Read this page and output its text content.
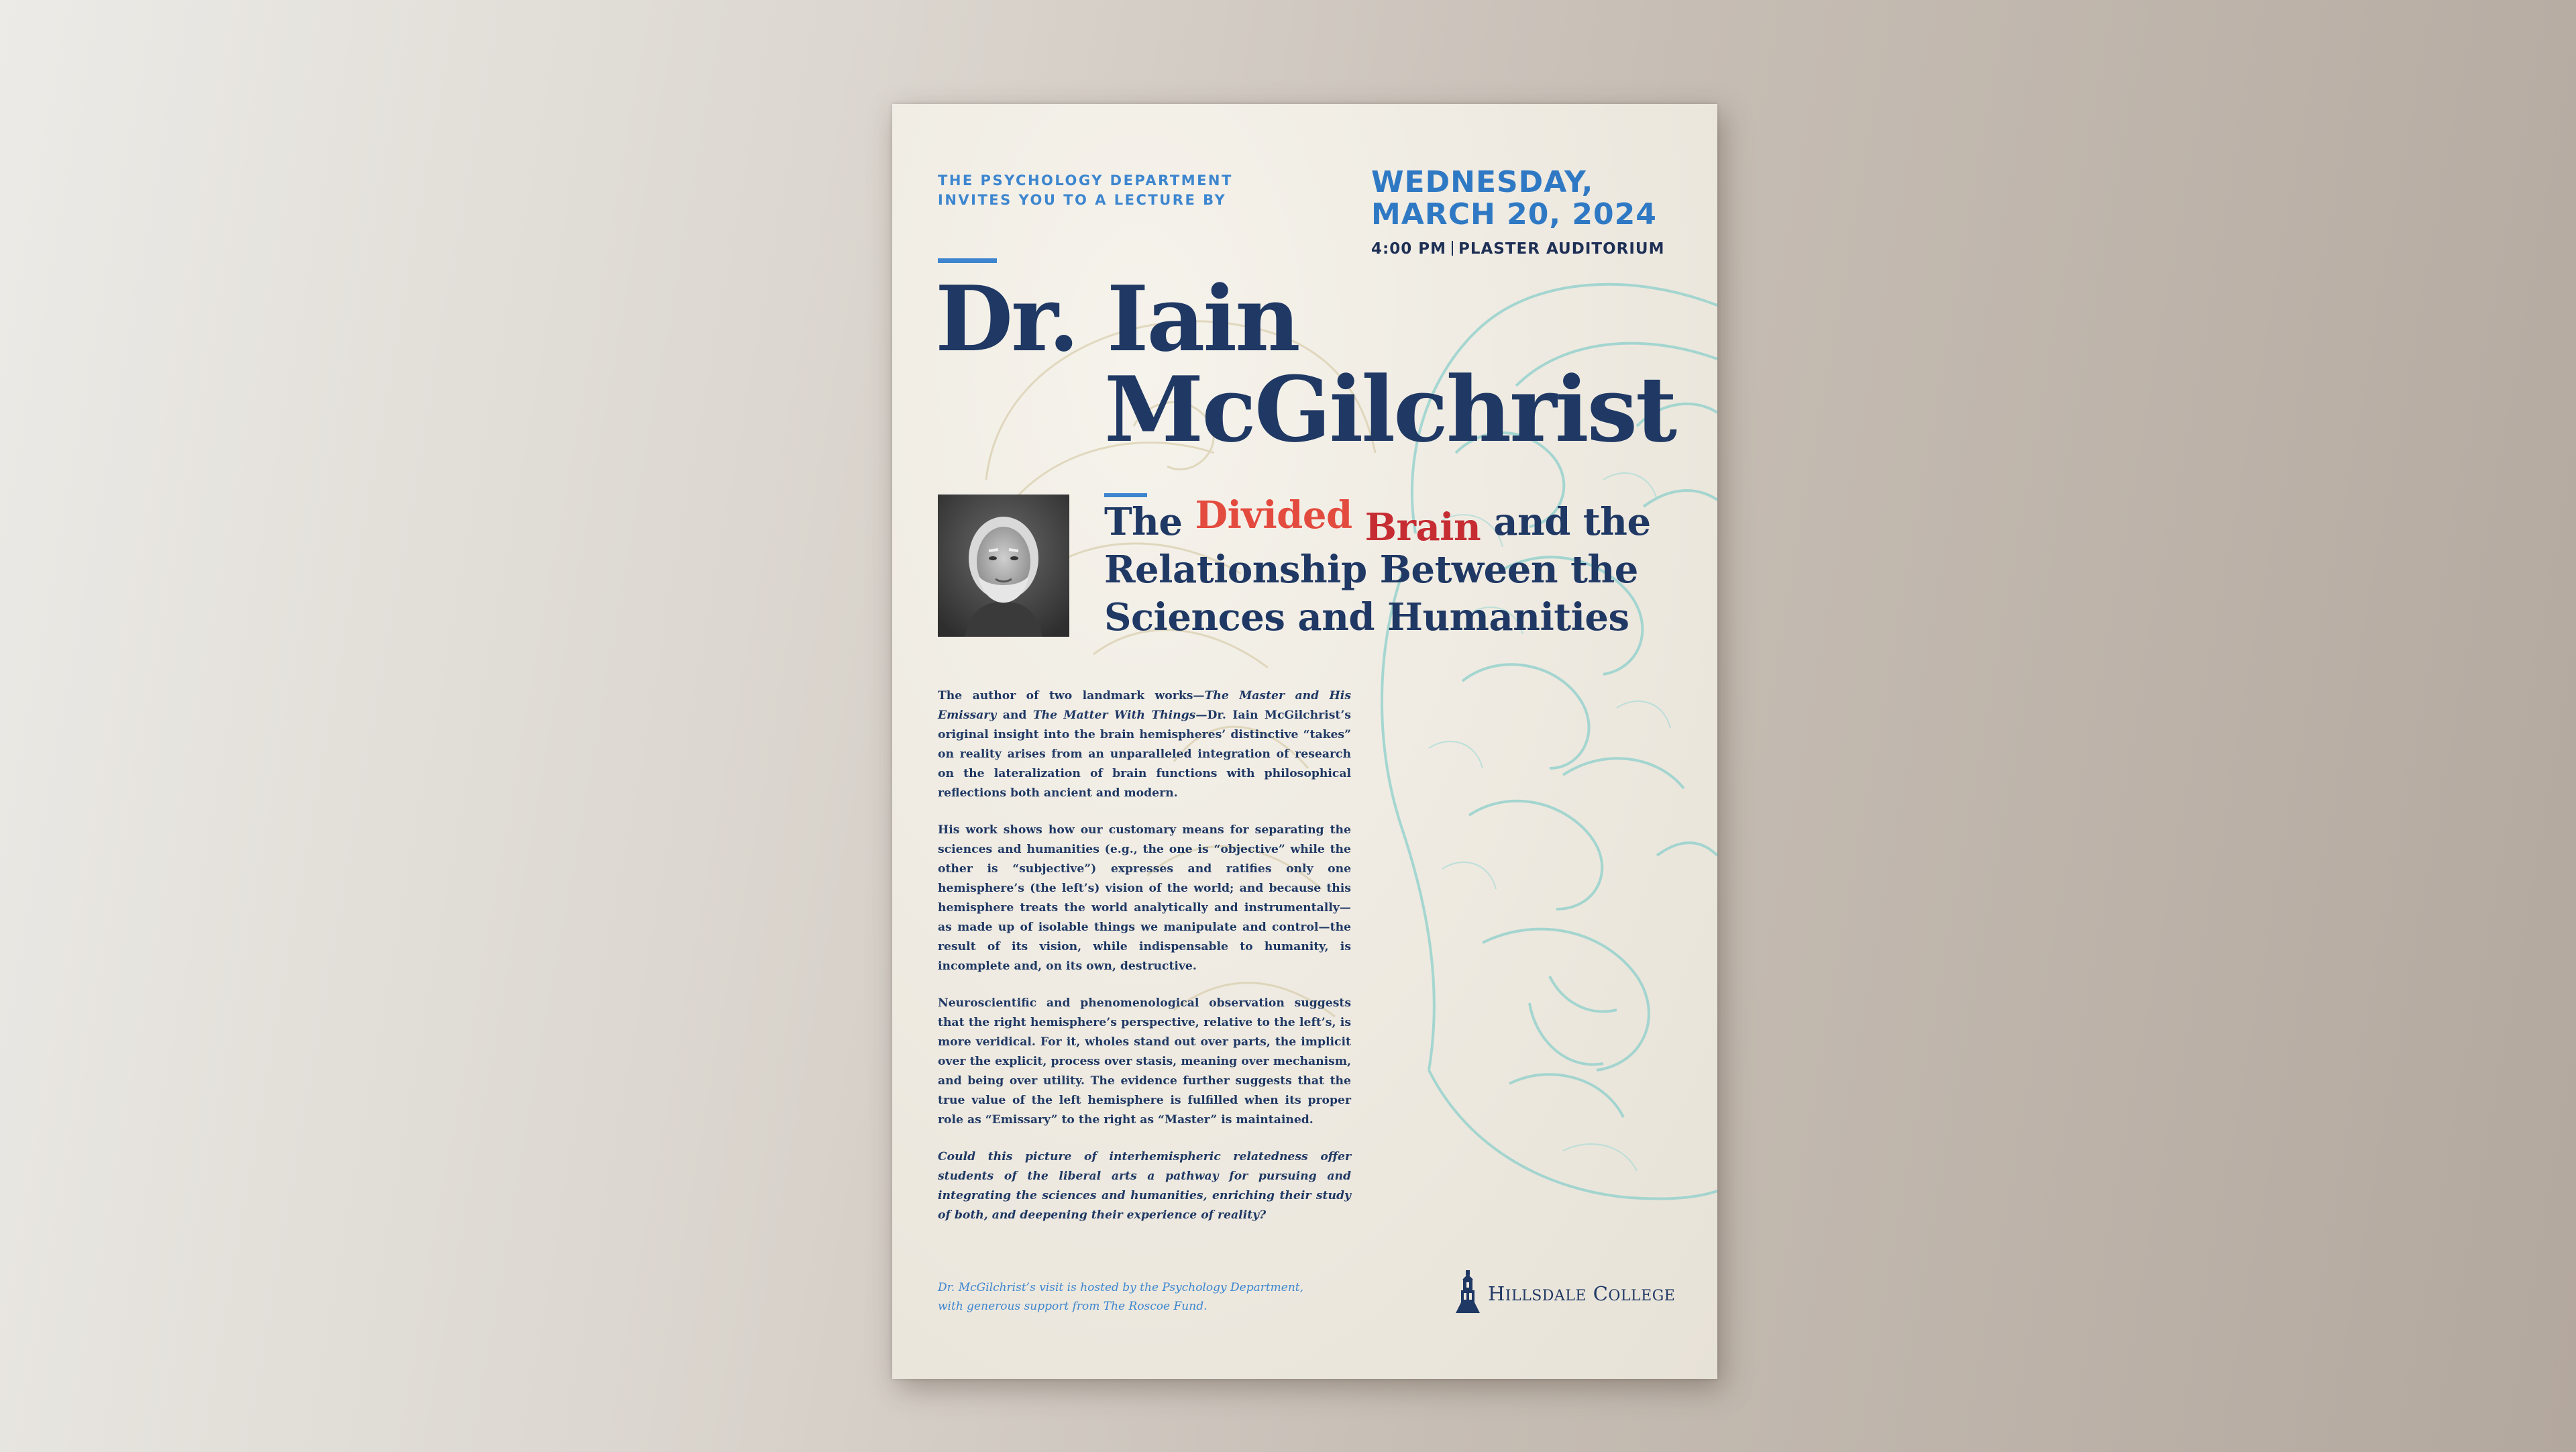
THE PSYCHOLOGY DEPARTMENT INVITES YOU TO A LECTURE BY
WEDNESDAY,
MARCH 20, 2024
4:00 PM PLASTER AUDITORIUM
Dr. Iain
McGilchrist
The Divided Brain and the
Relationship Between the
Sciences and Humanities

The author of two landmark works—The Master and His Emissary and The Matter With Things—Dr. Iain McGilchrist’s original insight into the brain hemispheres’ distinctive “takes” on reality arises from an unparalleled integration of research on the lateralization of brain functions with philosophical reflections both ancient and modern.

His work shows how our customary means for separating the sciences and humanities (e.g., the one is “objective” while the other is “subjective”) expresses and ratifies only one hemisphere’s (the left’s) vision of the world; and because this hemisphere treats the world analytically and instrumentally—as made up of isolable things we manipulate and control—the result of its vision, while indispensable to humanity, is incomplete and, on its own, destructive.

Neuroscientific and phenomenological observation suggests that the right hemisphere’s perspective, relative to the left’s, is more veridical. For it, wholes stand out over parts, the implicit over the explicit, process over stasis, meaning over mechanism, and being over utility. The evidence further suggests that the true value of the left hemisphere is fulfilled when its proper role as “Emissary” to the right as “Master” is maintained.

Could this picture of interhemispheric relatedness offer students of the liberal arts a pathway for pursuing and integrating the sciences and humanities, enriching their study of both, and deepening their experience of reality?

Dr. McGilchrist’s visit is hosted by the Psychology Department,
with generous support from The Roscoe Fund.
HILLSDALE COLLEGE
